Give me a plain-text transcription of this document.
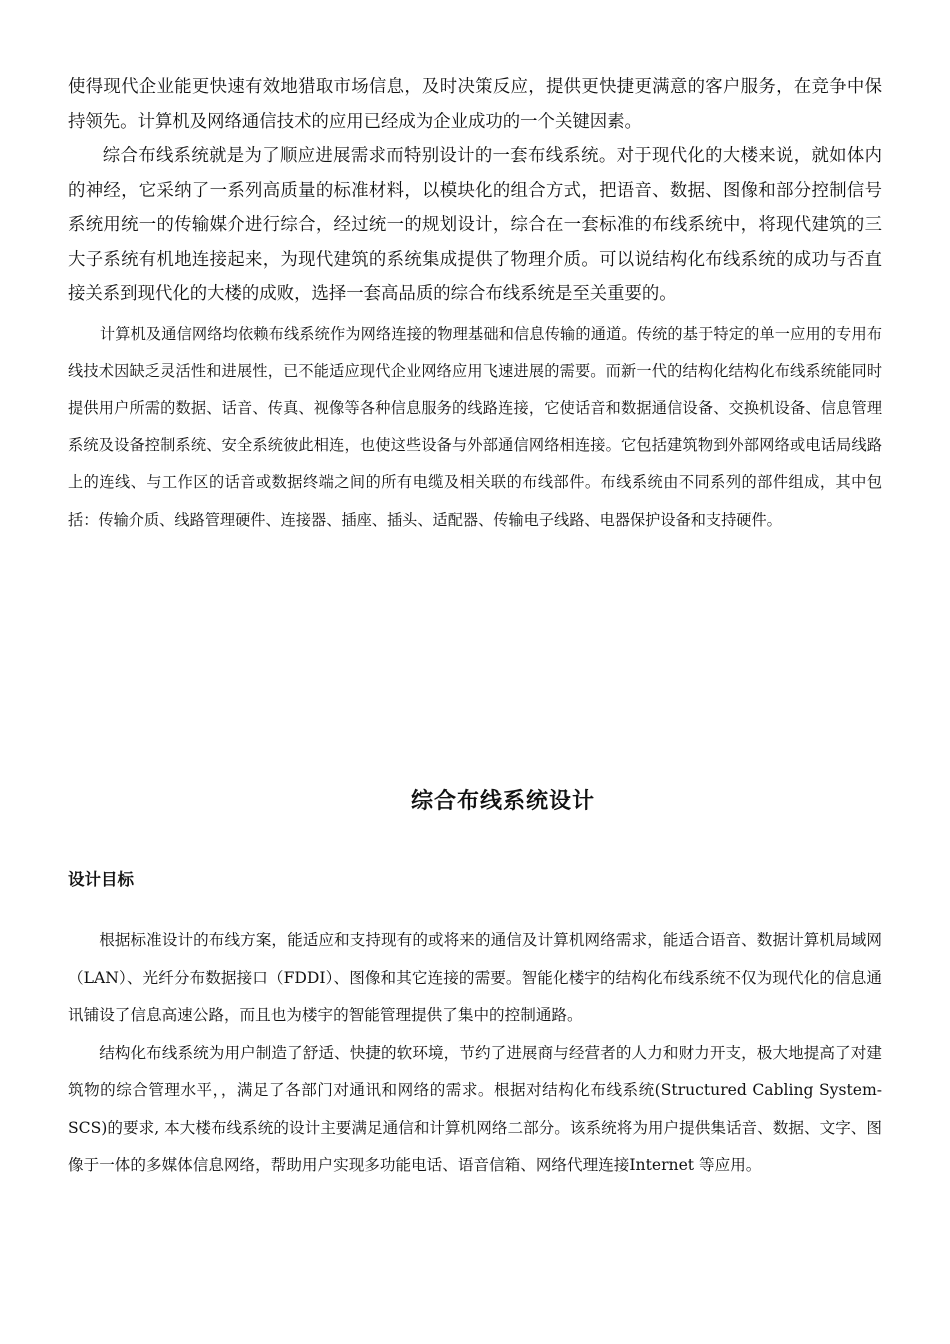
使得现代企业能更快速有效地猎取市场信息，及时决策反应，提供更快捷更满意的客户服务，在竞争中保持领先。计算机及网络通信技术的应用已经成为企业成功的一个关键因素。

综合布线系统就是为了顺应进展需求而特别设计的一套布线系统。对于现代化的大楼来说，就如体内的神经，它采纳了一系列高质量的标准材料，以模块化的组合方式，把语音、数据、图像和部分控制信号系统用统一的传输媒介进行综合，经过统一的规划设计，综合在一套标准的布线系统中，将现代建筑的三大子系统有机地连接起来，为现代建筑的系统集成提供了物理介质。可以说结构化布线系统的成功与否直接关系到现代化的大楼的成败，选择一套高品质的综合布线系统是至关重要的。

计算机及通信网络均依赖布线系统作为网络连接的物理基础和信息传输的通道。传统的基于特定的单一应用的专用布线技术因缺乏灵活性和进展性，已不能适应现代企业网络应用飞速进展的需要。而新一代的结构化结构化布线系统能同时提供用户所需的数据、话音、传真、视像等各种信息服务的线路连接，它使话音和数据通信设备、交换机设备、信息管理系统及设备控制系统、安全系统彼此相连，也使这些设备与外部通信网络相连接。它包括建筑物到外部网络或电话局线路上的连线、与工作区的话音或数据终端之间的所有电缆及相关联的布线部件。布线系统由不同系列的部件组成，其中包括：传输介质、线路管理硬件、连接器、插座、插头、适配器、传输电子线路、电器保护设备和支持硬件。

综合布线系统设计
设计目标

根据标准设计的布线方案，能适应和支持现有的或将来的通信及计算机网络需求，能适合语音、数据计算机局域网（LAN）、光纤分布数据接口（FDDI）、图像和其它连接的需要。智能化楼宇的结构化布线系统不仅为现代化的信息通讯铺设了信息高速公路，而且也为楼宇的智能管理提供了集中的控制通路。

结构化布线系统为用户制造了舒适、快捷的软环境，节约了进展商与经营者的人力和财力开支，极大地提高了对建筑物的综合管理水平，，满足了各部门对通讯和网络的需求。根据对结构化布线系统(Structured Cabling System-SCS)的要求, 本大楼布线系统的设计主要满足通信和计算机网络二部分。该系统将为用户提供集话音、数据、文字、图像于一体的多媒体信息网络，帮助用户实现多功能电话、语音信箱、网络代理连接Internet 等应用。
